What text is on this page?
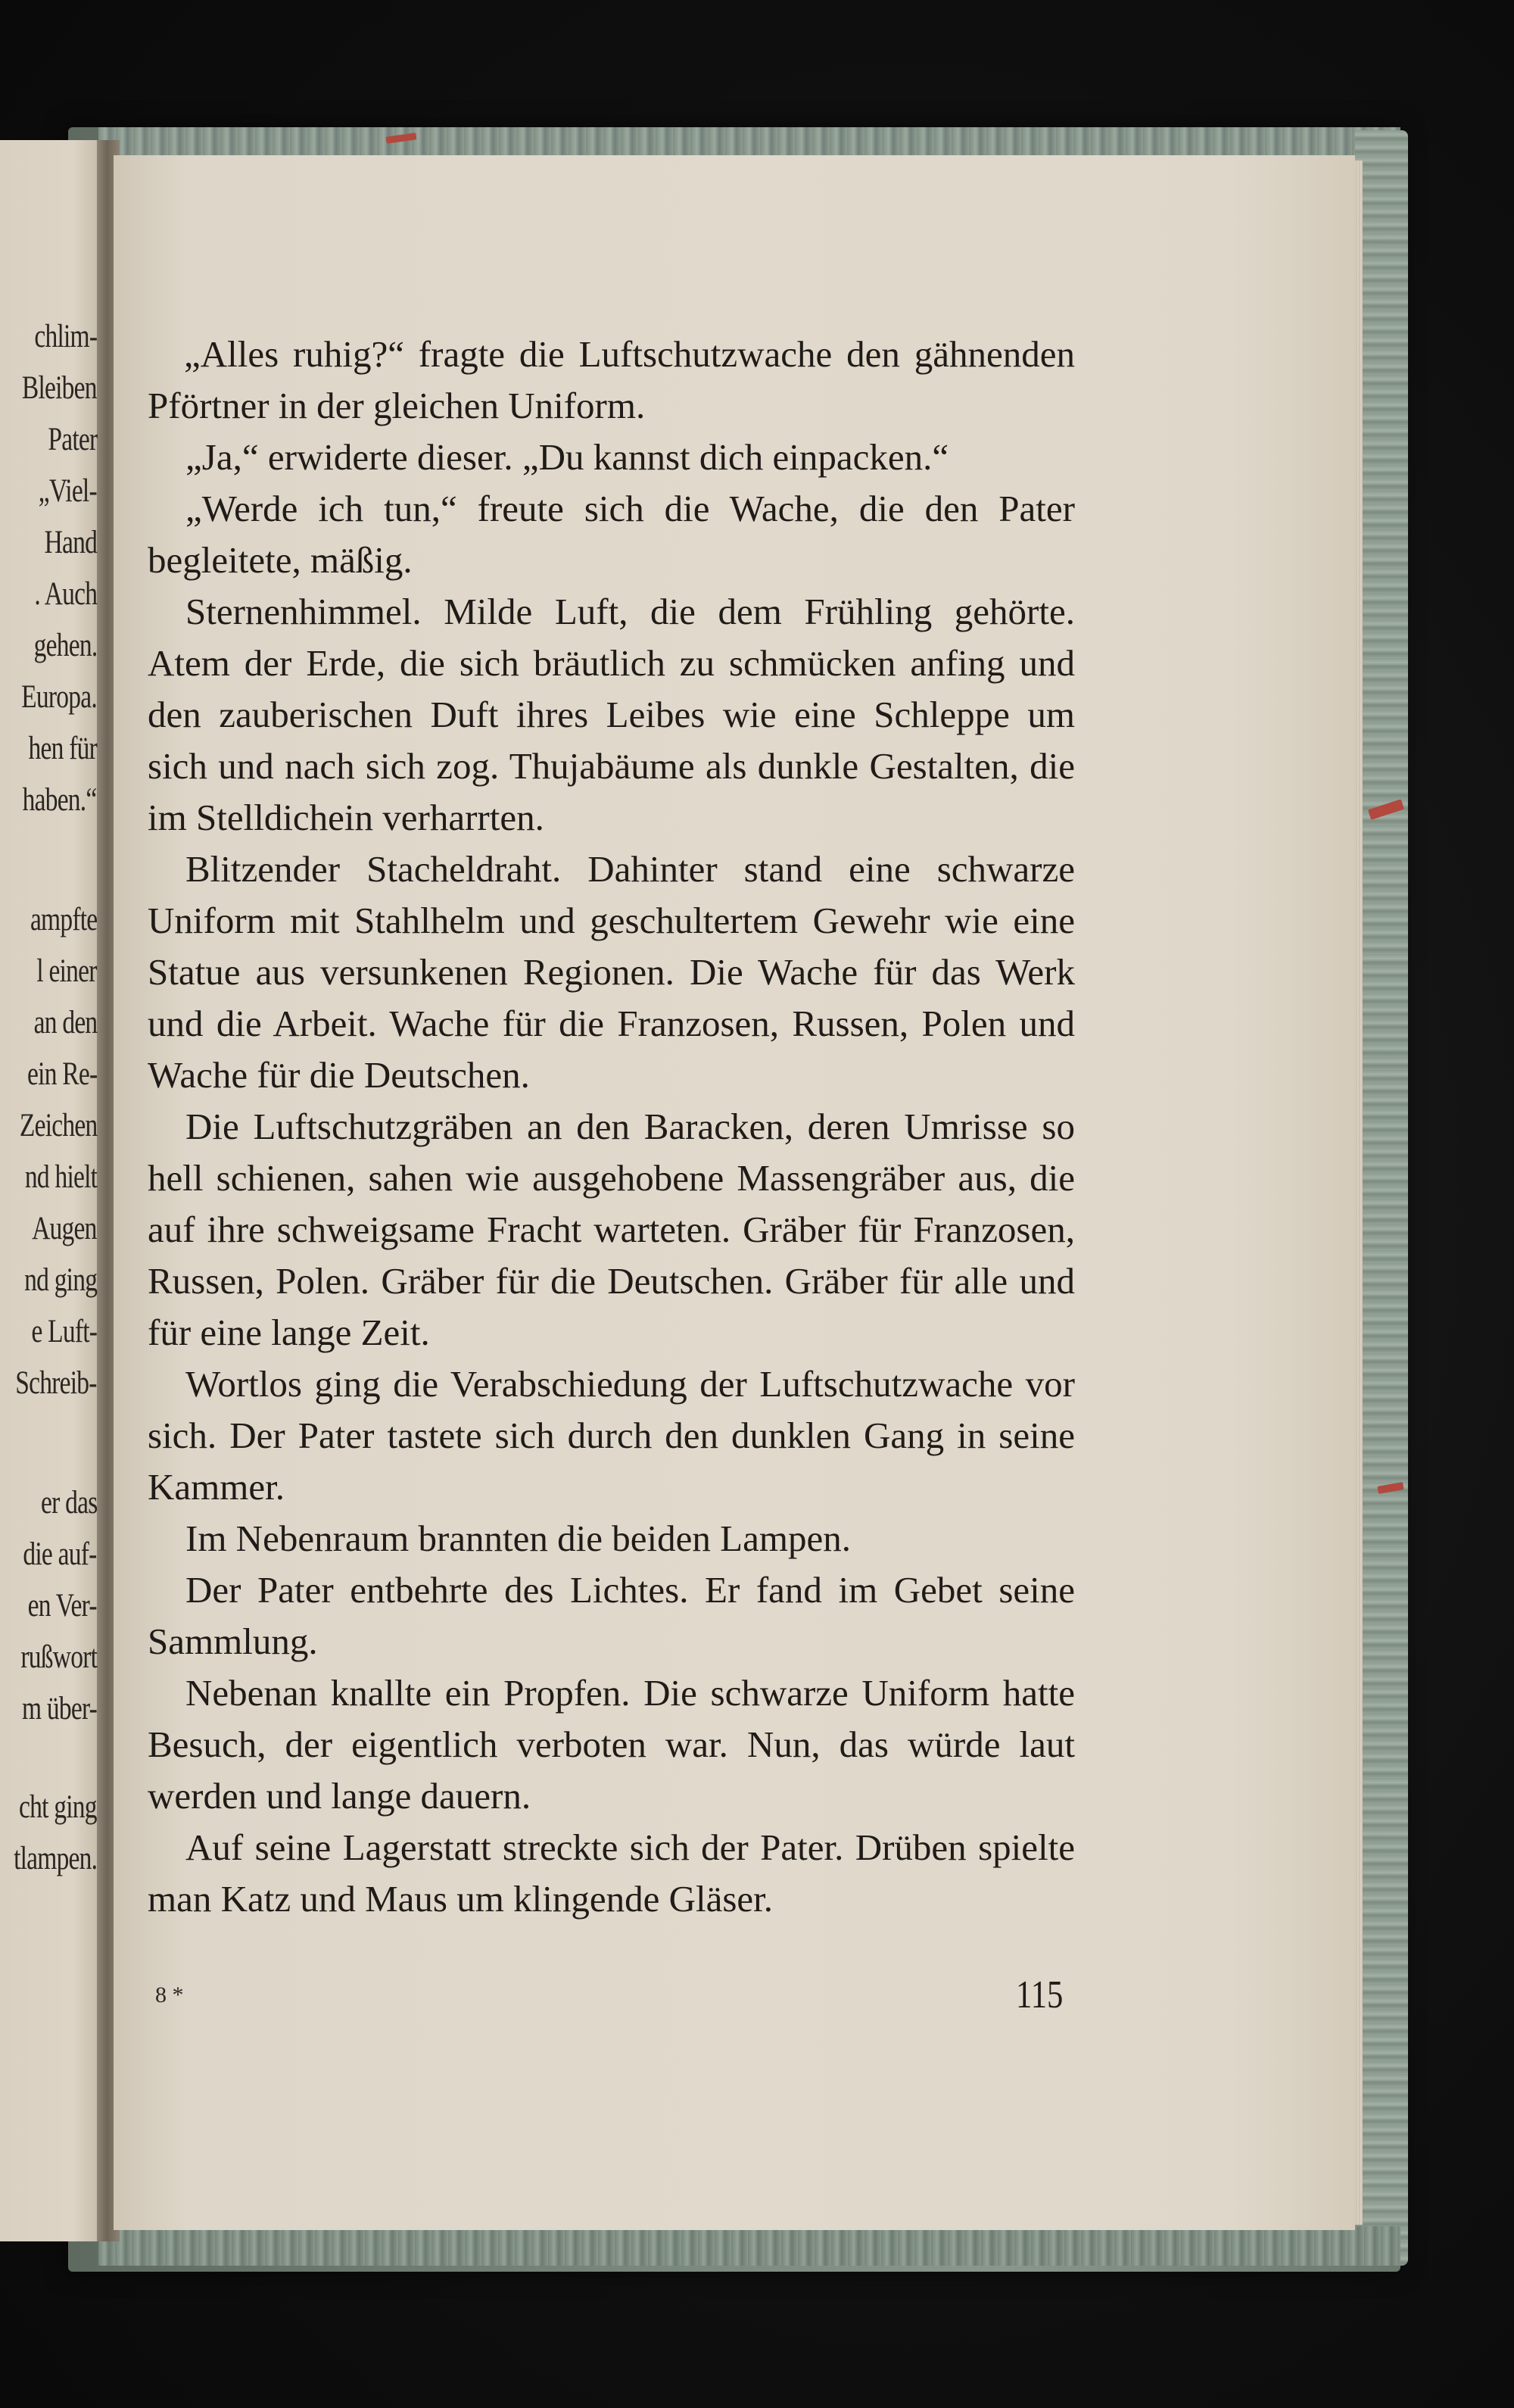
chlim-
Bleiben
Pater
„Viel-
Hand
. Auch
gehen.
Europa.
hen für
haben.“
ampfte
l einer
an den
ein Re-
Zeichen
nd hielt
Augen
nd ging
e Luft-
Schreib-
er das
die auf-
en Ver-
rußwort
m über-
cht ging
tlampen.

„Alles ruhig?“ fragte die Luftschutzwache den gähnenden Pförtner in der gleichen Uniform.

„Ja,“ erwiderte dieser. „Du kannst dich einpacken.“

„Werde ich tun,“ freute sich die Wache, die den Pater begleitete, mäßig.

Sternenhimmel. Milde Luft, die dem Frühling gehörte. Atem der Erde, die sich bräutlich zu schmücken anfing und den zauberischen Duft ihres Leibes wie eine Schleppe um sich und nach sich zog. Thujabäume als dunkle Gestalten, die im Stelldichein verharrten.

Blitzender Stacheldraht. Dahinter stand eine schwarze Uniform mit Stahlhelm und geschultertem Gewehr wie eine Statue aus versunkenen Regionen. Die Wache für das Werk und die Arbeit. Wache für die Franzosen, Russen, Polen und Wache für die Deutschen.

Die Luftschutzgräben an den Baracken, deren Umrisse so hell schienen, sahen wie ausgehobene Massengräber aus, die auf ihre schweigsame Fracht warteten. Gräber für Franzosen, Russen, Polen. Gräber für die Deutschen. Gräber für alle und für eine lange Zeit.

Wortlos ging die Verabschiedung der Luftschutzwache vor sich. Der Pater tastete sich durch den dunklen Gang in seine Kammer.

Im Nebenraum brannten die beiden Lampen.

Der Pater entbehrte des Lichtes. Er fand im Gebet seine Sammlung.

Nebenan knallte ein Propfen. Die schwarze Uniform hatte Besuch, der eigentlich verboten war. Nun, das würde laut werden und lange dauern.

Auf seine Lagerstatt streckte sich der Pater. Drüben spielte man Katz und Maus um klingende Gläser.

8 *	115
